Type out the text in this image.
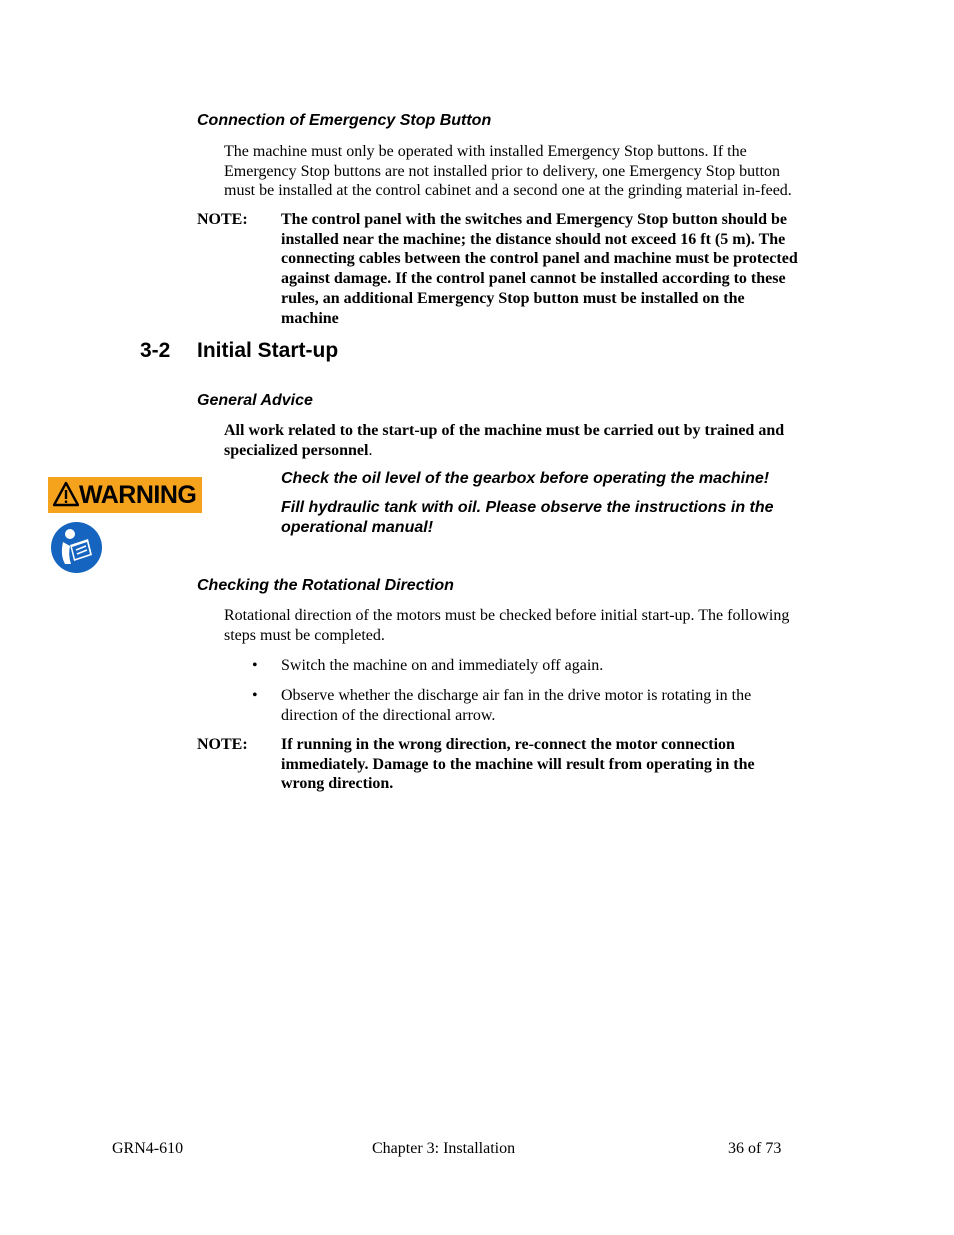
Connection of Emergency Stop Button
The machine must only be operated with installed Emergency Stop buttons. If the
Emergency Stop buttons are not installed prior to delivery, one Emergency Stop button
must be installed at the control cabinet and a second one at the grinding material in-feed.
NOTE: The control panel with the switches and Emergency Stop button should be
installed near the machine; the distance should not exceed 16 ft (5 m). The
connecting cables between the control panel and machine must be protected
against damage. If the control panel cannot be installed according to these
rules, an additional Emergency Stop button must be installed on the
machine
3-2 Initial Start-up
General Advice
All work related to the start-up of the machine must be carried out by trained and
specialized personnel.
WARNING
Check the oil level of the gearbox before operating the machine!
Fill hydraulic tank with oil. Please observe the instructions in the
operational manual!
Checking the Rotational Direction
Rotational direction of the motors must be checked before initial start-up. The following
steps must be completed.
• Switch the machine on and immediately off again.
• Observe whether the discharge air fan in the drive motor is rotating in the
direction of the directional arrow.
NOTE: If running in the wrong direction, re-connect the motor connection
immediately. Damage to the machine will result from operating in the
wrong direction.
GRN4-610	Chapter 3: Installation	36 of 73
